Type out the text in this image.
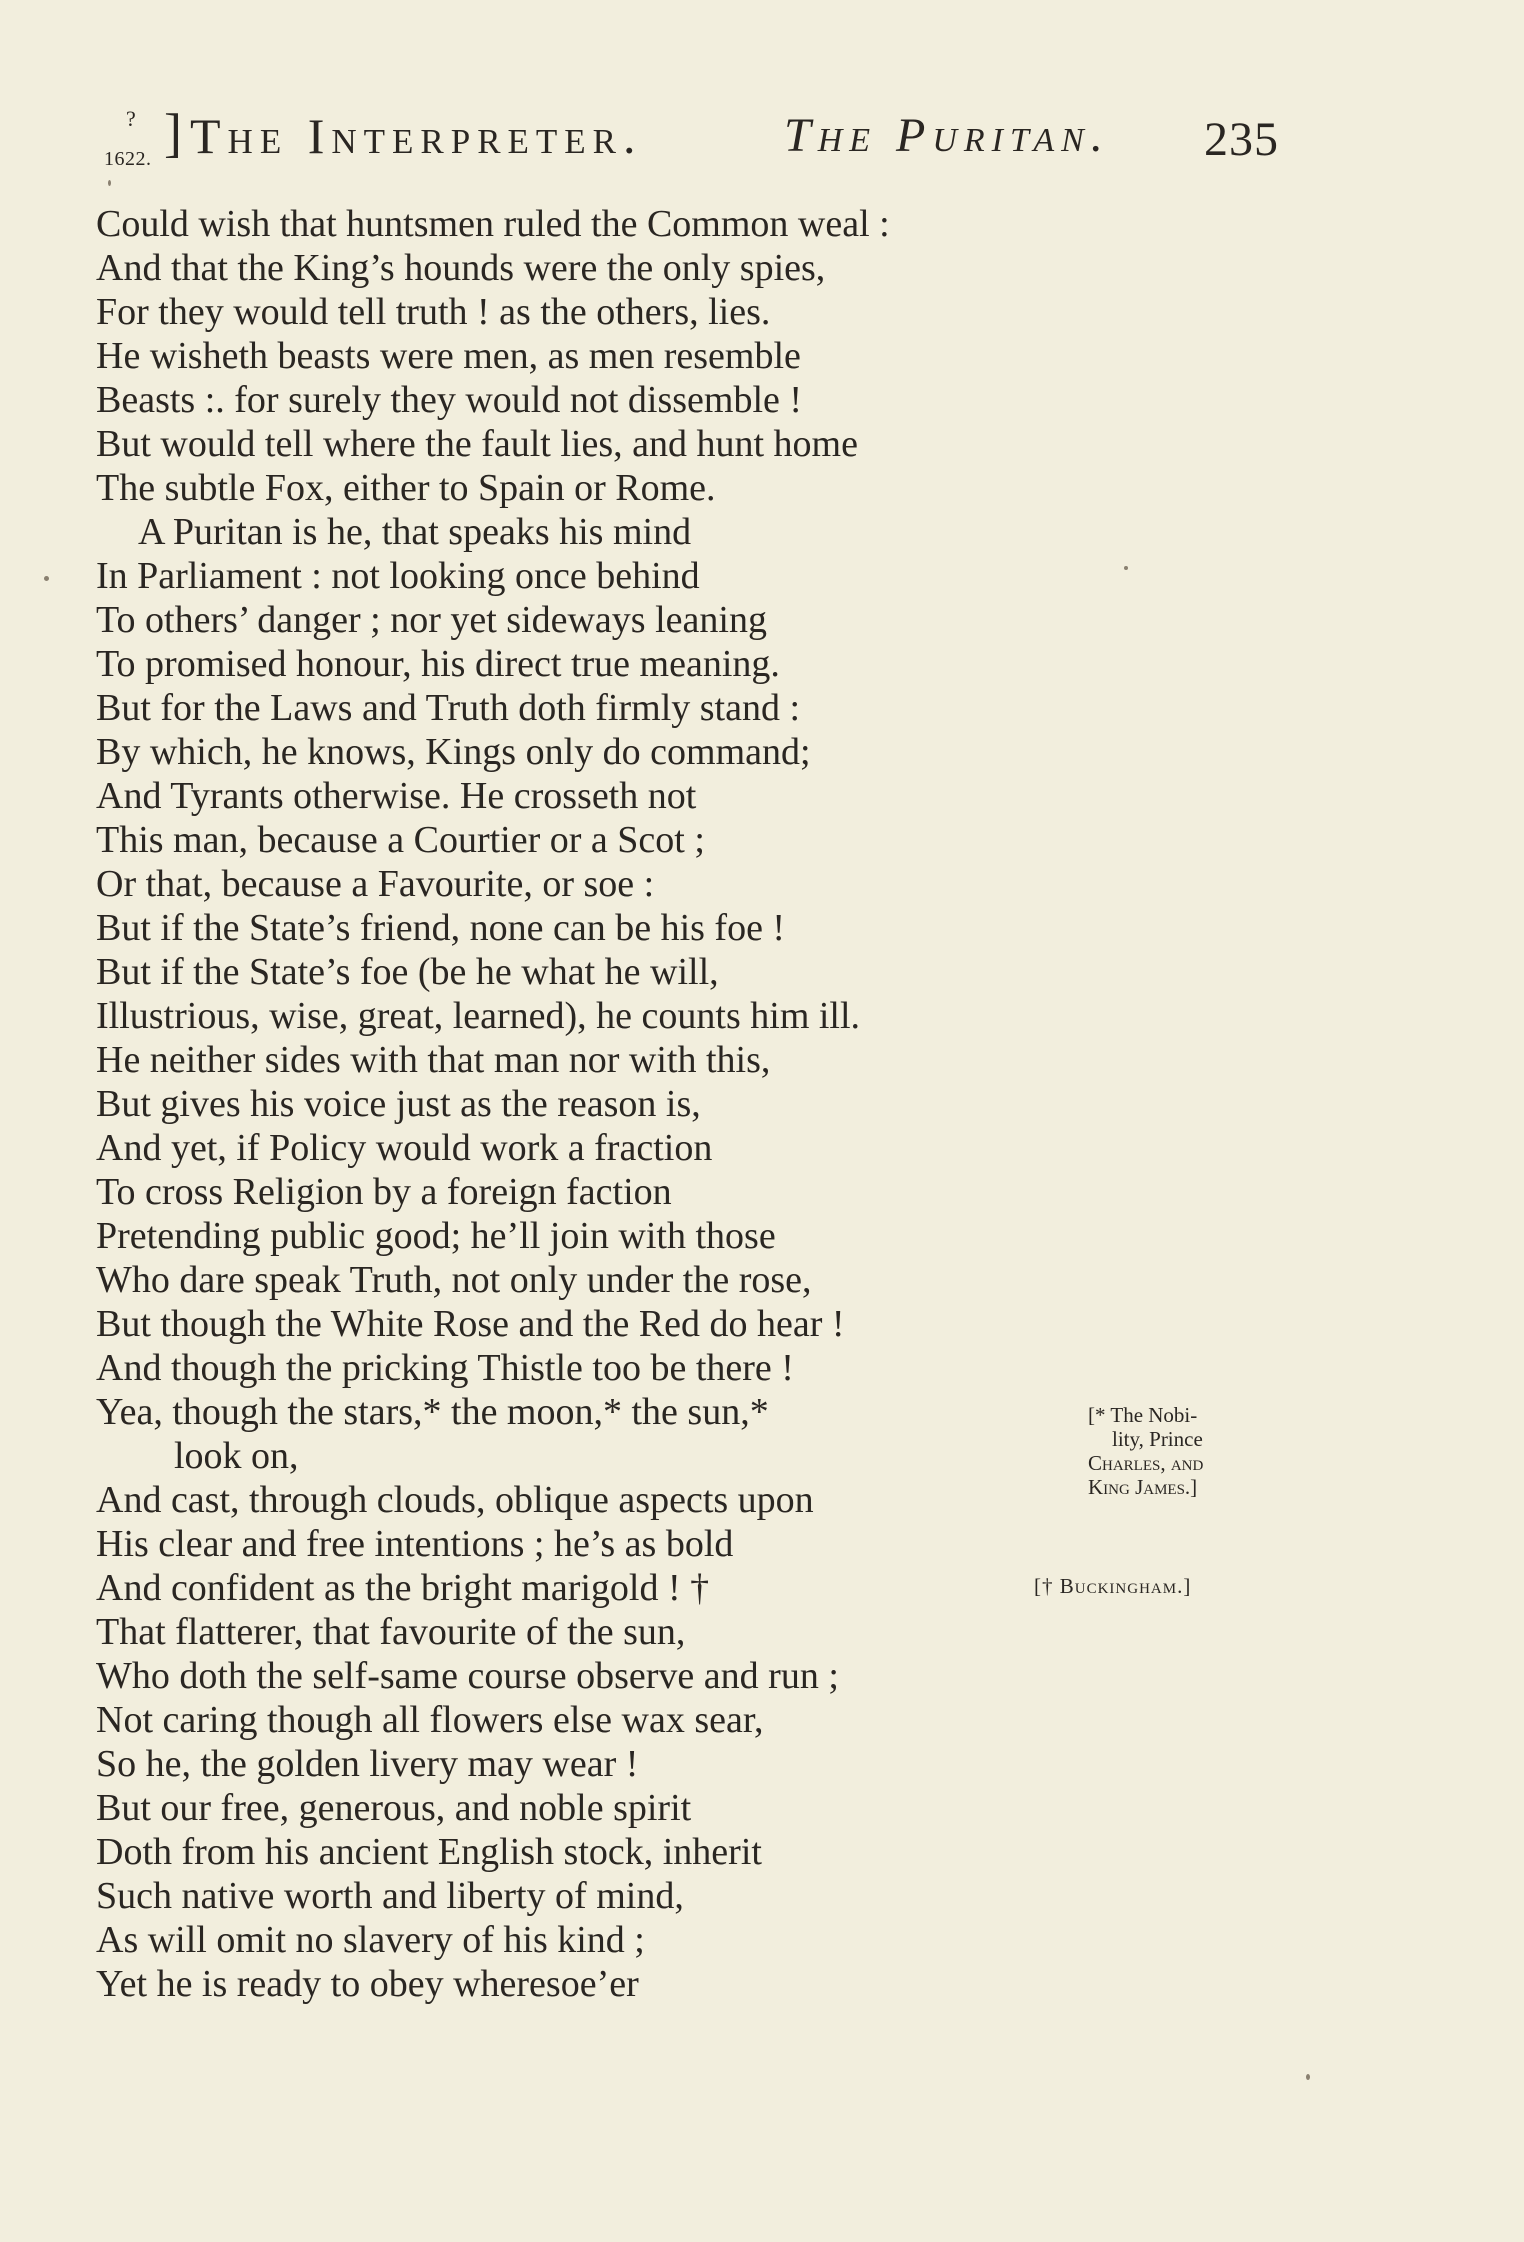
?
1622. ] The Interpreter.	The Puritan. 235
Could wish that huntsmen ruled the Common weal :
And that the King’s hounds were the only spies,
For they would tell truth ! as the others, lies.
He wisheth beasts were men, as men resemble
Beasts :. for surely they would not dissemble !
But would tell where the fault lies, and hunt home
The subtle Fox, either to Spain or Rome.
A Puritan is he, that speaks his mind
In Parliament : not looking once behind
To others’ danger ; nor yet sideways leaning
To promised honour, his direct true meaning.
But for the Laws and Truth doth firmly stand :
By which, he knows, Kings only do command;
And Tyrants otherwise. He crosseth not
This man, because a Courtier or a Scot ;
Or that, because a Favourite, or soe :
But if the State’s friend, none can be his foe !
But if the State’s foe (be he what he will,
Illustrious, wise, great, learned), he counts him ill.
He neither sides with that man nor with this,
But gives his voice just as the reason is,
And yet, if Policy would work a fraction
To cross Religion by a foreign faction
Pretending public good; he’ll join with those
Who dare speak Truth, not only under the rose,
But though the White Rose and the Red do hear !
And though the pricking Thistle too be there !
Yea, though the stars,* the moon,* the sun,*
look on,
And cast, through clouds, oblique aspects upon
His clear and free intentions ; he’s as bold
And confident as the bright marigold ! †
That flatterer, that favourite of the sun,
Who doth the self-same course observe and run ;
Not caring though all flowers else wax sear,
So he, the golden livery may wear !
But our free, generous, and noble spirit
Doth from his ancient English stock, inherit
Such native worth and liberty of mind,
As will omit no slavery of his kind ;
Yet he is ready to obey wheresoe’er
[* The Nobi-
lity, Prince
Charles, and
King James.]
[† Buckingham.]
